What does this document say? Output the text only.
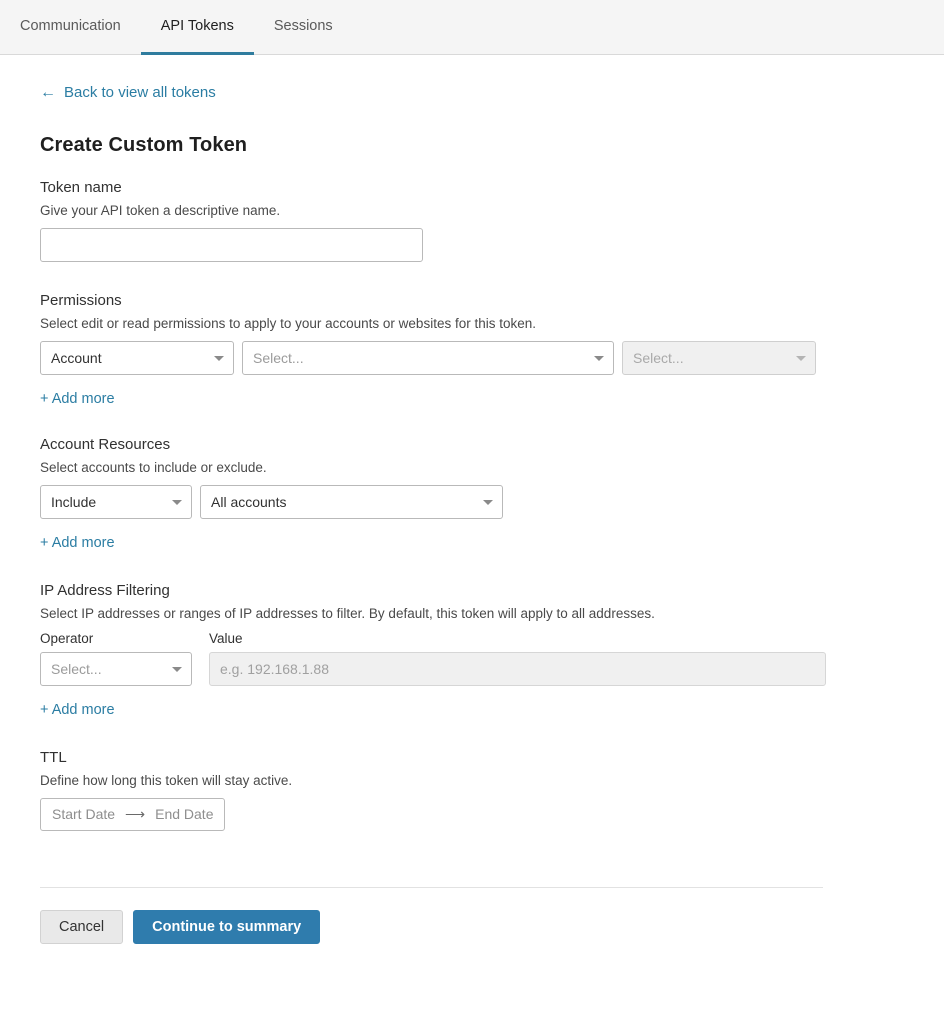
Communication	API Tokens	Sessions
← Back to view all tokens
Create Custom Token
Token name
Give your API token a descriptive name.
Permissions
Select edit or read permissions to apply to your accounts or websites for this token.
Account	Select...	Select...
+ Add more
Account Resources
Select accounts to include or exclude.
Include	All accounts
+ Add more
IP Address Filtering
Select IP addresses or ranges of IP addresses to filter. By default, this token will apply to all addresses.
Operator
Select...
Value
e.g. 192.168.1.88
+ Add more
TTL
Define how long this token will stay active.
Start Date ⟶ End Date
Cancel	Continue to summary
